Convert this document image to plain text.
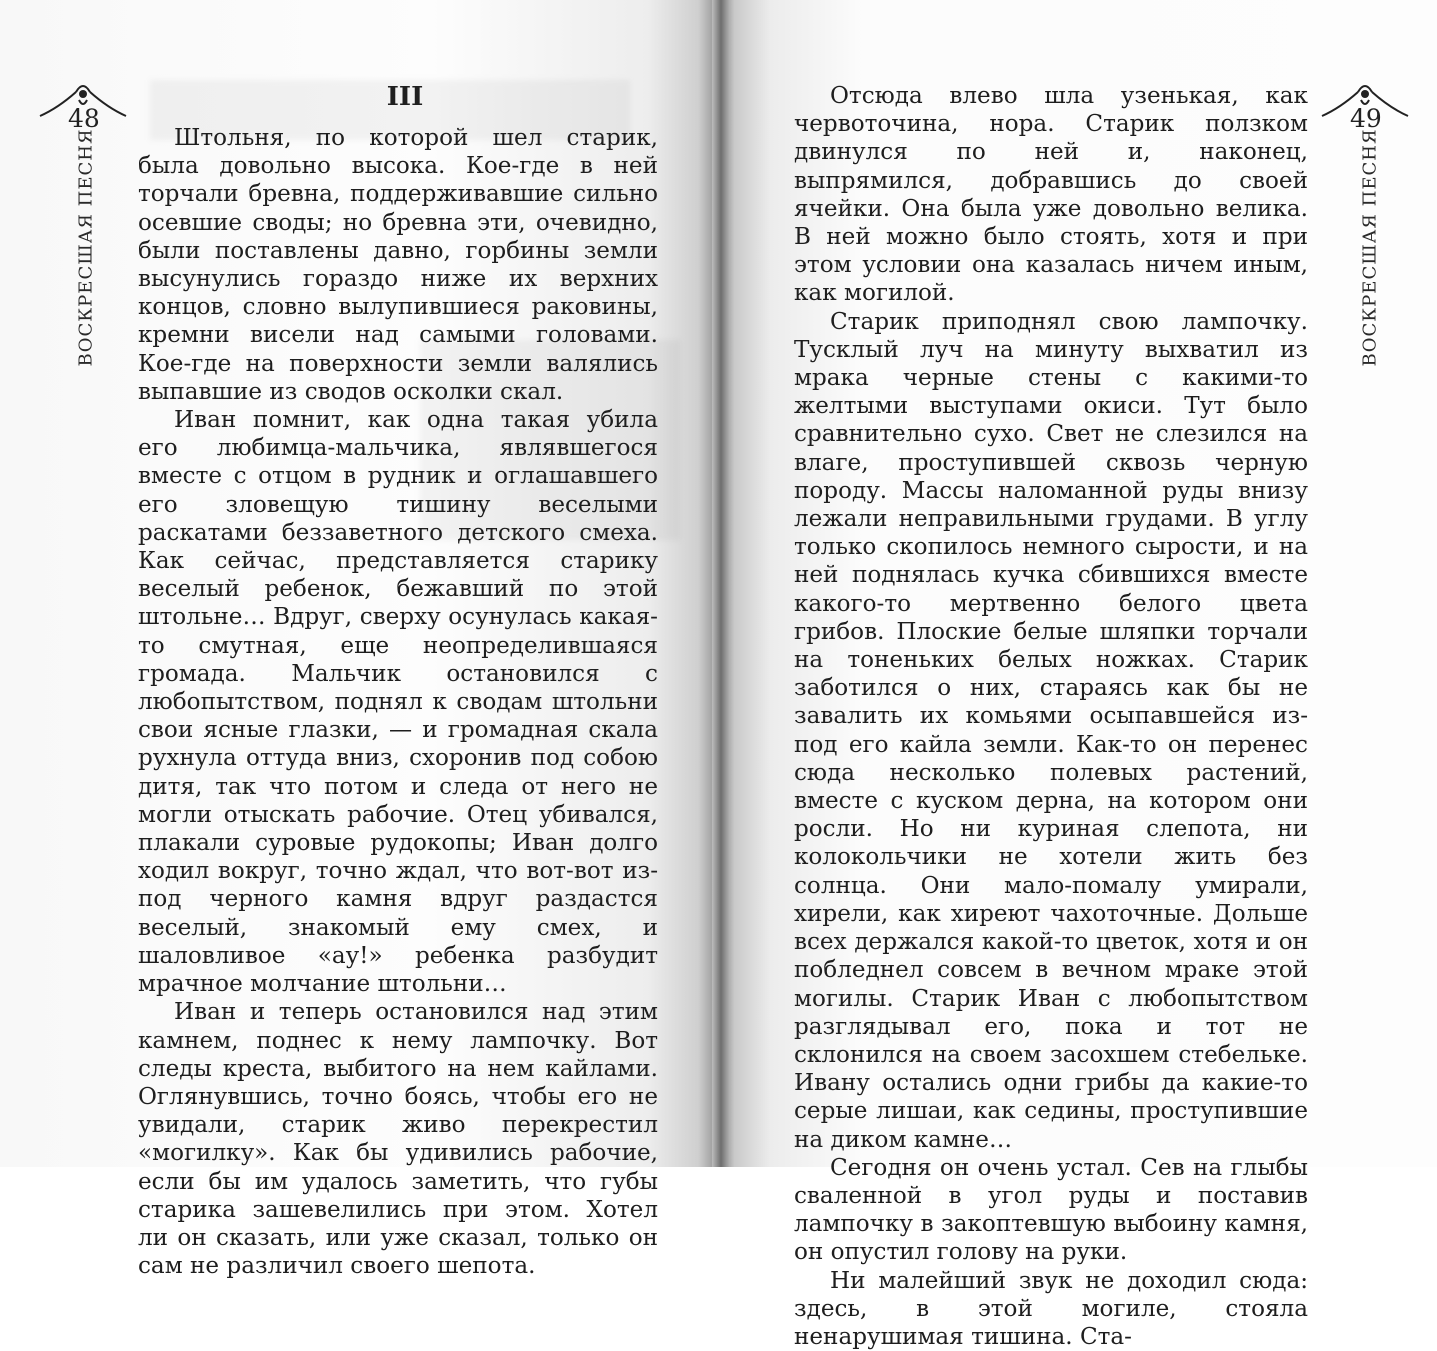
48
ВОСКРЕСШАЯ ПЕСНЯ
III

Штольня, по которой шел старик, была довольно высока. Кое-где в ней торчали бревна, поддерживавшие сильно осевшие своды; но бревна эти, очевидно, были поставлены давно, горбины земли высунулись гораздо ниже их верхних концов, словно вылупившиеся раковины, кремни висели над самыми головами. Кое-где на поверхности земли валялись выпавшие из сводов осколки скал.

Иван помнит, как одна такая убила его любимца-мальчика, являвшегося вместе с отцом в рудник и оглашавшего его зловещую тишину веселыми раскатами беззаветного детского смеха. Как сейчас, представляется старику веселый ребенок, бежавший по этой штольне… Вдруг, сверху осунулась какая-то смутная, еще неопределившаяся громада. Мальчик остановился с любопытством, поднял к сводам штольни свои ясные глазки, — и громадная скала рухнула оттуда вниз, схоронив под собою дитя, так что потом и следа от него не могли отыскать рабочие. Отец убивался, плакали суровые рудокопы; Иван долго ходил вокруг, точно ждал, что вот-вот из-под черного камня вдруг раздастся веселый, знакомый ему смех, и шаловливое «ау!» ребенка разбудит мрачное молчание штольни…

Иван и теперь остановился над этим камнем, поднес к нему лампочку. Вот следы креста, выбитого на нем кайлами. Оглянувшись, точно боясь, чтобы его не увидали, старик живо перекрестил «могилку». Как бы удивились рабочие, если бы им удалось заметить, что губы старика зашевелились при этом. Хотел ли он сказать, или уже сказал, только он сам не различил своего шепота.

49
ВОСКРЕСШАЯ ПЕСНЯ

Отсюда влево шла узенькая, как червоточина, нора. Старик ползком двинулся по ней и, наконец, выпрямился, добравшись до своей ячейки. Она была уже довольно велика. В ней можно было стоять, хотя и при этом условии она казалась ничем иным, как могилой.

Старик приподнял свою лампочку. Тусклый луч на минуту выхватил из мрака черные стены с какими-то желтыми выступами окиси. Тут было сравнительно сухо. Свет не слезился на влаге, проступившей сквозь черную породу. Массы наломанной руды внизу лежали неправильными грудами. В углу только скопилось немного сырости, и на ней поднялась кучка сбившихся вместе какого-то мертвенно белого цвета грибов. Плоские белые шляпки торчали на тоненьких белых ножках. Старик заботился о них, стараясь как бы не завалить их комьями осыпавшейся из-под его кайла земли. Как-то он перенес сюда несколько полевых растений, вместе с куском дерна, на котором они росли. Но ни куриная слепота, ни колокольчики не хотели жить без солнца. Они мало-помалу умирали, хирели, как хиреют чахоточные. Дольше всех держался какой-то цветок, хотя и он побледнел совсем в вечном мраке этой могилы. Старик Иван с любопытством разглядывал его, пока и тот не склонился на своем засохшем стебельке. Ивану остались одни грибы да какие-то серые лишаи, как седины, проступившие на диком камне…

Сегодня он очень устал. Сев на глыбы сваленной в угол руды и поставив лампочку в закоптевшую выбоину камня, он опустил голову на руки.

Ни малейший звук не доходил сюда: здесь, в этой могиле, стояла ненарушимая тишина. Ста-
